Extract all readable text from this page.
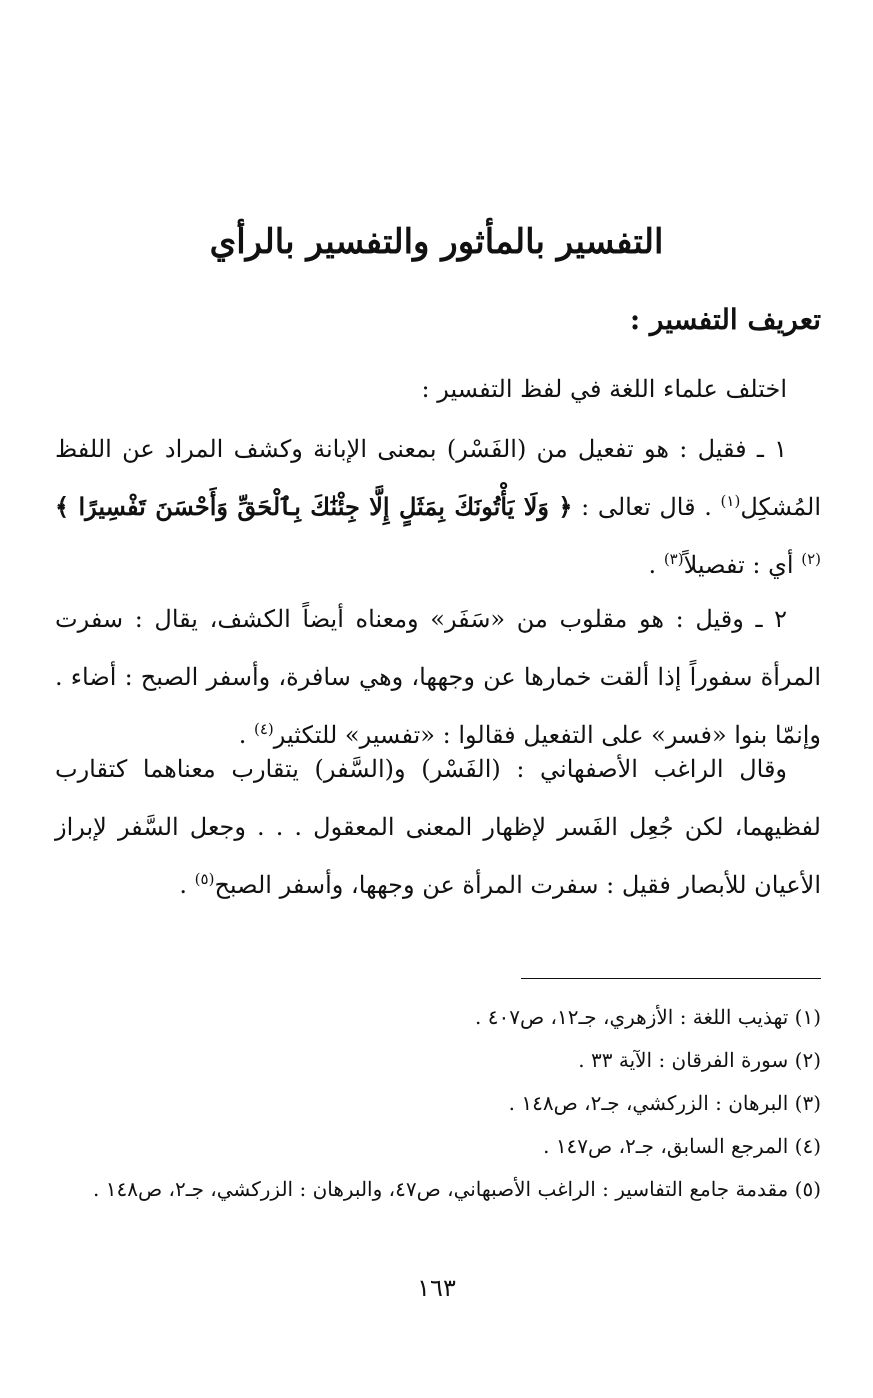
التفسير بالمأثور والتفسير بالرأي
تعريف التفسير :

اختلف علماء اللغة في لفظ التفسير :

١ ـ فقيل : هو تفعيل من (الفَسْر) بمعنى الإبانة وكشف المراد عن اللفظ المُشكِل$^{(١)}$ . قال تعالى : ﴿ وَلَا يَأْتُونَكَ بِمَثَلٍ إِلَّا جِئْنَٰكَ بِٱلْحَقِّ وَأَحْسَنَ تَفْسِيرًا ﴾$^{(٢)}$ أي : تفصيلاً$^{(٣)}$ .

٢ ـ وقيل : هو مقلوب من «سَفَر» ومعناه أيضاً الكشف، يقال : سفرت المرأة سفوراً إذا ألقت خمارها عن وجهها، وهي سافرة، وأسفر الصبح : أضاء . وإنمّا بنوا «فسر» على التفعيل فقالوا : «تفسير» للتكثير$^{(٤)}$ .

وقال الراغب الأصفهاني : (الفَسْر) و(السَّفر) يتقارب معناهما كتقارب لفظيهما، لكن جُعِل الفَسر لإظهار المعنى المعقول . . . وجعل السَّفر لإبراز الأعيان للأبصار فقيل : سفرت المرأة عن وجهها، وأسفر الصبح$^{(٥)}$ .

(١) تهذيب اللغة : الأزهري، جـ١٢، ص٤٠٧ .
(٢) سورة الفرقان : الآية ٣٣ .
(٣) البرهان : الزركشي، جـ٢، ص١٤٨ .
(٤) المرجع السابق، جـ٢، ص١٤٧ .
(٥) مقدمة جامع التفاسير : الراغب الأصبهاني، ص٤٧، والبرهان : الزركشي، جـ٢، ص١٤٨ .
١٦٣
